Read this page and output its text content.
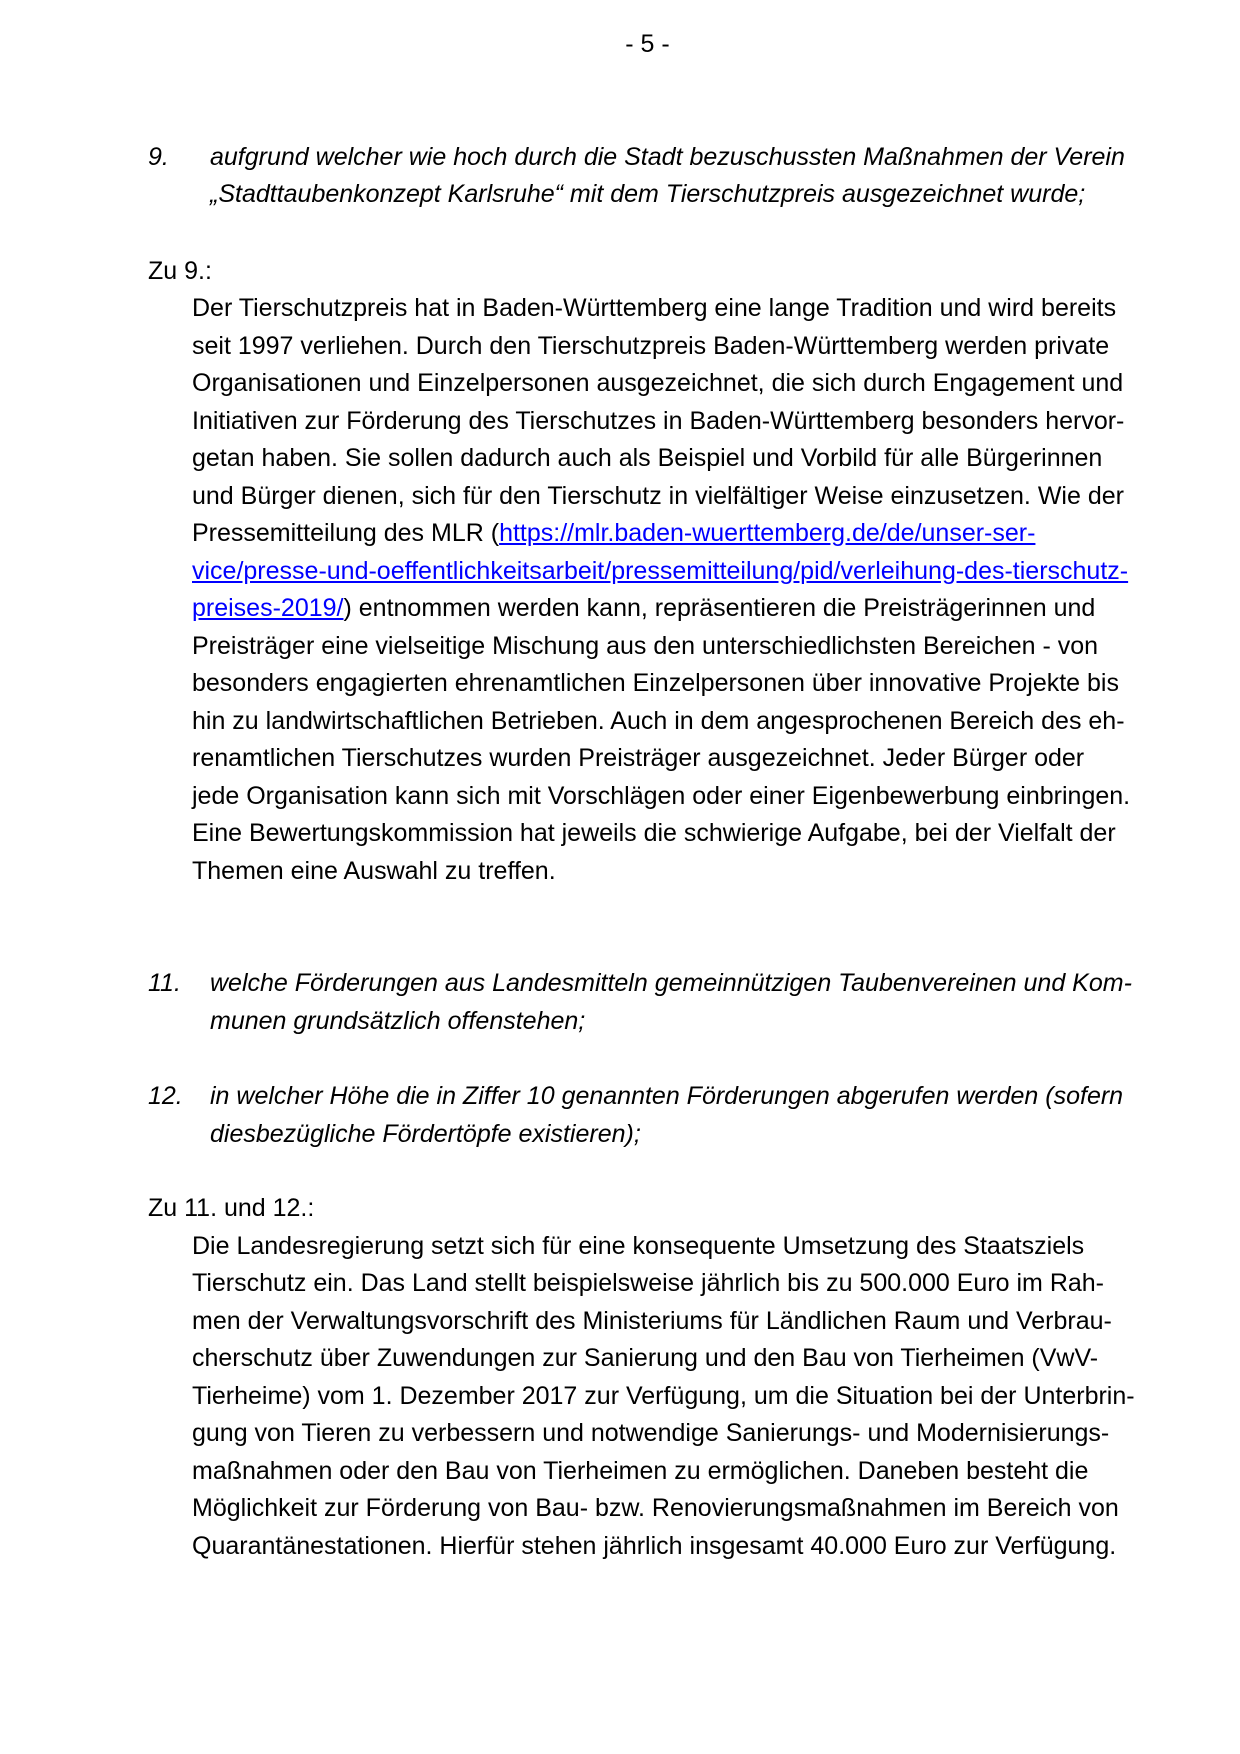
- 5 -
9.	aufgrund welcher wie hoch durch die Stadt bezuschussten Maßnahmen der Verein
„Stadttaubenkonzept Karlsruhe“ mit dem Tierschutzpreis ausgezeichnet wurde;
Zu 9.:
Der Tierschutzpreis hat in Baden-Württemberg eine lange Tradition und wird bereits
seit 1997 verliehen. Durch den Tierschutzpreis Baden-Württemberg werden private
Organisationen und Einzelpersonen ausgezeichnet, die sich durch Engagement und
Initiativen zur Förderung des Tierschutzes in Baden-Württemberg besonders hervor-
getan haben. Sie sollen dadurch auch als Beispiel und Vorbild für alle Bürgerinnen
und Bürger dienen, sich für den Tierschutz in vielfältiger Weise einzusetzen. Wie der
Pressemitteilung des MLR (https://mlr.baden-wuerttemberg.de/de/unser-ser-
vice/presse-und-oeffentlichkeitsarbeit/pressemitteilung/pid/verleihung-des-tierschutz-
preises-2019/) entnommen werden kann, repräsentieren die Preisträgerinnen und
Preisträger eine vielseitige Mischung aus den unterschiedlichsten Bereichen - von
besonders engagierten ehrenamtlichen Einzelpersonen über innovative Projekte bis
hin zu landwirtschaftlichen Betrieben. Auch in dem angesprochenen Bereich des eh-
renamtlichen Tierschutzes wurden Preisträger ausgezeichnet. Jeder Bürger oder
jede Organisation kann sich mit Vorschlägen oder einer Eigenbewerbung einbringen.
Eine Bewertungskommission hat jeweils die schwierige Aufgabe, bei der Vielfalt der
Themen eine Auswahl zu treffen.
11.	welche Förderungen aus Landesmitteln gemeinnützigen Taubenvereinen und Kom-
munen grundsätzlich offenstehen;
12.	in welcher Höhe die in Ziffer 10 genannten Förderungen abgerufen werden (sofern
diesbezügliche Fördertöpfe existieren);
Zu 11. und 12.:
Die Landesregierung setzt sich für eine konsequente Umsetzung des Staatsziels
Tierschutz ein. Das Land stellt beispielsweise jährlich bis zu 500.000 Euro im Rah-
men der Verwaltungsvorschrift des Ministeriums für Ländlichen Raum und Verbrau-
cherschutz über Zuwendungen zur Sanierung und den Bau von Tierheimen (VwV-
Tierheime) vom 1. Dezember 2017 zur Verfügung, um die Situation bei der Unterbrin-
gung von Tieren zu verbessern und notwendige Sanierungs- und Modernisierungs-
maßnahmen oder den Bau von Tierheimen zu ermöglichen. Daneben besteht die
Möglichkeit zur Förderung von Bau- bzw. Renovierungsmaßnahmen im Bereich von
Quarantänestationen. Hierfür stehen jährlich insgesamt 40.000 Euro zur Verfügung.
